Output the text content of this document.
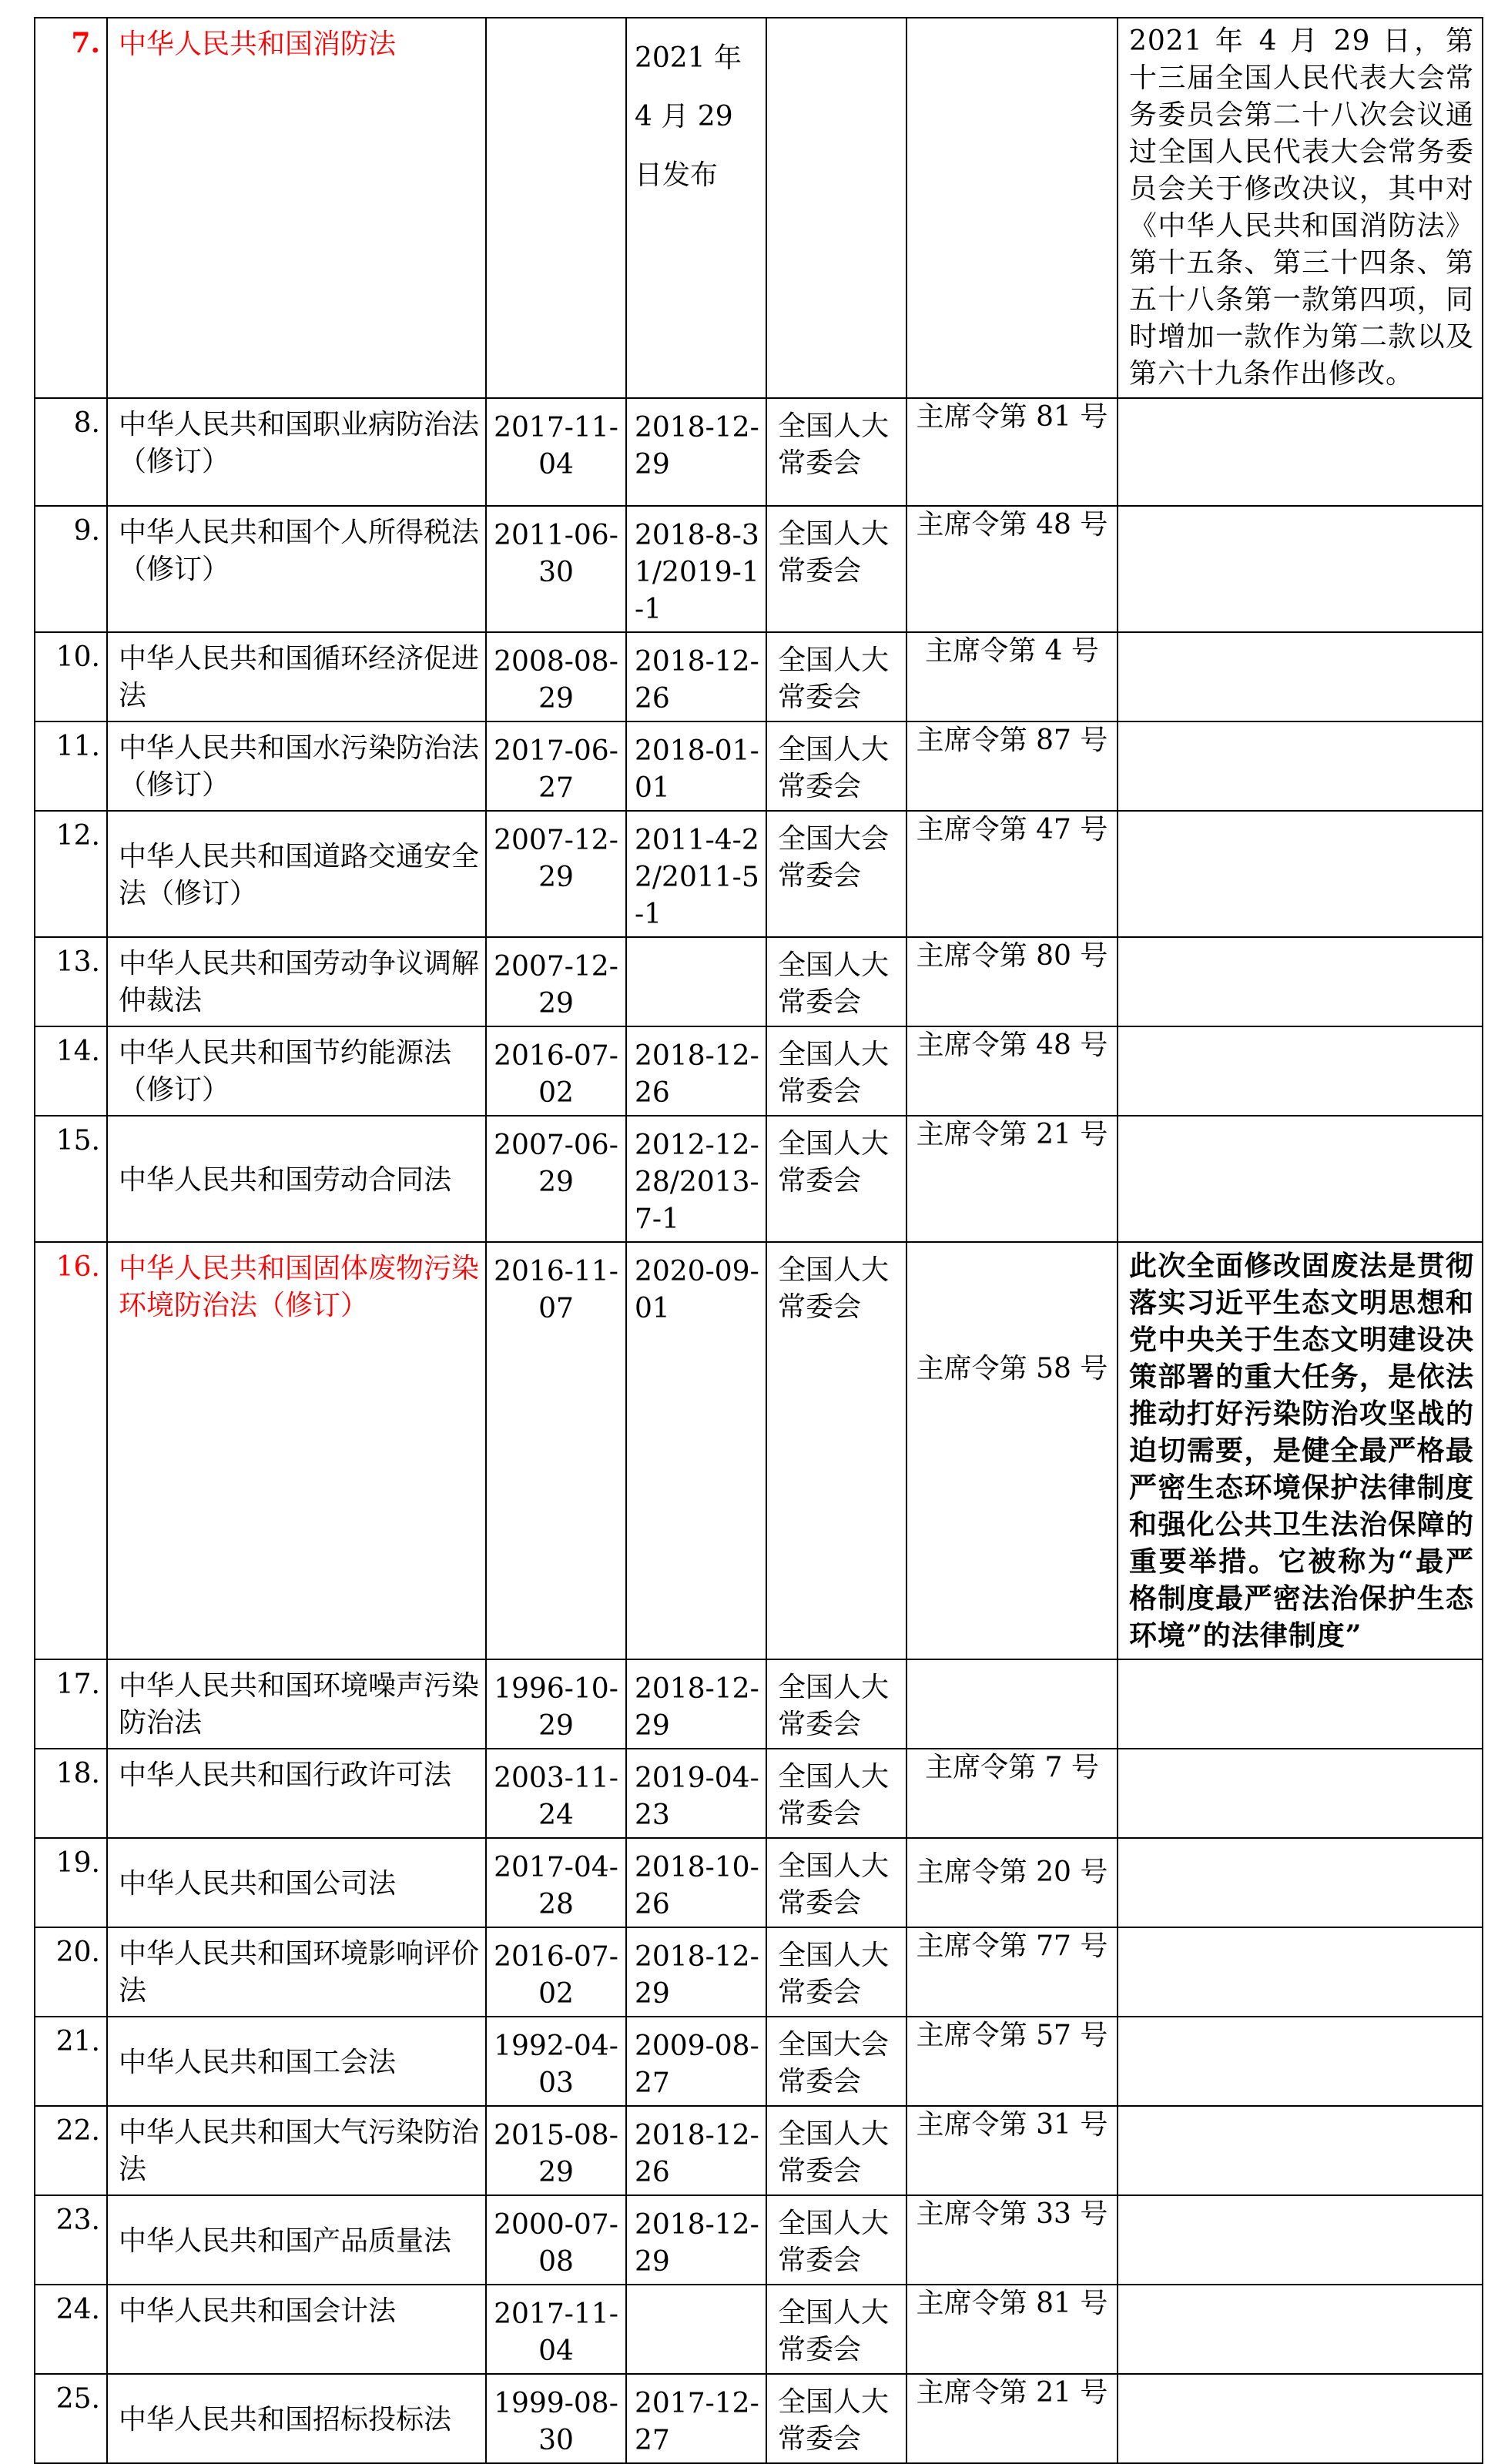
7.	中华人民共和国消防法		2021 年 4 月 29 日发布			2021 年 4 月 29 日，第十三届全国人民代表大会常务委员会第二十八次会议通过全国人民代表大会常务委员会关于修改决议，其中对《中华人民共和国消防法》第十五条、第三十四条、第五十八条第一款第四项，同时增加一款作为第二款以及第六十九条作出修改。
8.	中华人民共和国职业病防治法 （修订）	2017-11-04	2018-12-29	全国人大常委会	主席令第 81 号	
9.	中华人民共和国个人所得税法 （修订）	2011-06-30	2018-8-31/2019-1-1	全国人大常委会	主席令第 48 号	
10.	中华人民共和国循环经济促进法	2008-08-29	2018-12-26	全国人大常委会	主席令第 4 号	
11.	中华人民共和国水污染防治法（修订）	2017-06-27	2018-01-01	全国人大常委会	主席令第 87 号	
12.	中华人民共和国道路交通安全法（修订）	2007-12-29	2011-4-22/2011-5-1	全国大会常委会	主席令第 47 号	
13.	中华人民共和国劳动争议调解仲裁法	2007-12-29		全国人大常委会	主席令第 80 号	
14.	中华人民共和国节约能源法（修订）	2016-07-02	2018-12-26	全国人大常委会	主席令第 48 号	
15.	中华人民共和国劳动合同法	2007-06-29	2012-12-28/2013-7-1	全国人大常委会	主席令第 21 号	
16.	中华人民共和国固体废物污染环境防治法（修订）	2016-11-07	2020-09-01	全国人大常委会	主席令第 58 号	此次全面修改固废法是贯彻落实习近平生态文明思想和党中央关于生态文明建设决策部署的重大任务，是依法推动打好污染防治攻坚战的迫切需要，是健全最严格最严密生态环境保护法律制度和强化公共卫生法治保障的重要举措。它被称为“最严格制度最严密法治保护生态环境”的法律制度”
17.	中华人民共和国环境噪声污染防治法	1996-10-29	2018-12-29	全国人大常委会		
18.	中华人民共和国行政许可法	2003-11-24	2019-04-23	全国人大常委会	主席令第 7 号	
19.	中华人民共和国公司法	2017-04-28	2018-10-26	全国人大常委会	主席令第 20 号	
20.	中华人民共和国环境影响评价法	2016-07-02	2018-12-29	全国人大常委会	主席令第 77 号	
21.	中华人民共和国工会法	1992-04-03	2009-08-27	全国大会常委会	主席令第 57 号	
22.	中华人民共和国大气污染防治法	2015-08-29	2018-12-26	全国人大常委会	主席令第 31 号	
23.	中华人民共和国产品质量法	2000-07-08	2018-12-29	全国人大常委会	主席令第 33 号	
24.	中华人民共和国会计法	2017-11-04		全国人大常委会	主席令第 81 号	
25.	中华人民共和国招标投标法	1999-08-30	2017-12-27	全国人大常委会	主席令第 21 号	
